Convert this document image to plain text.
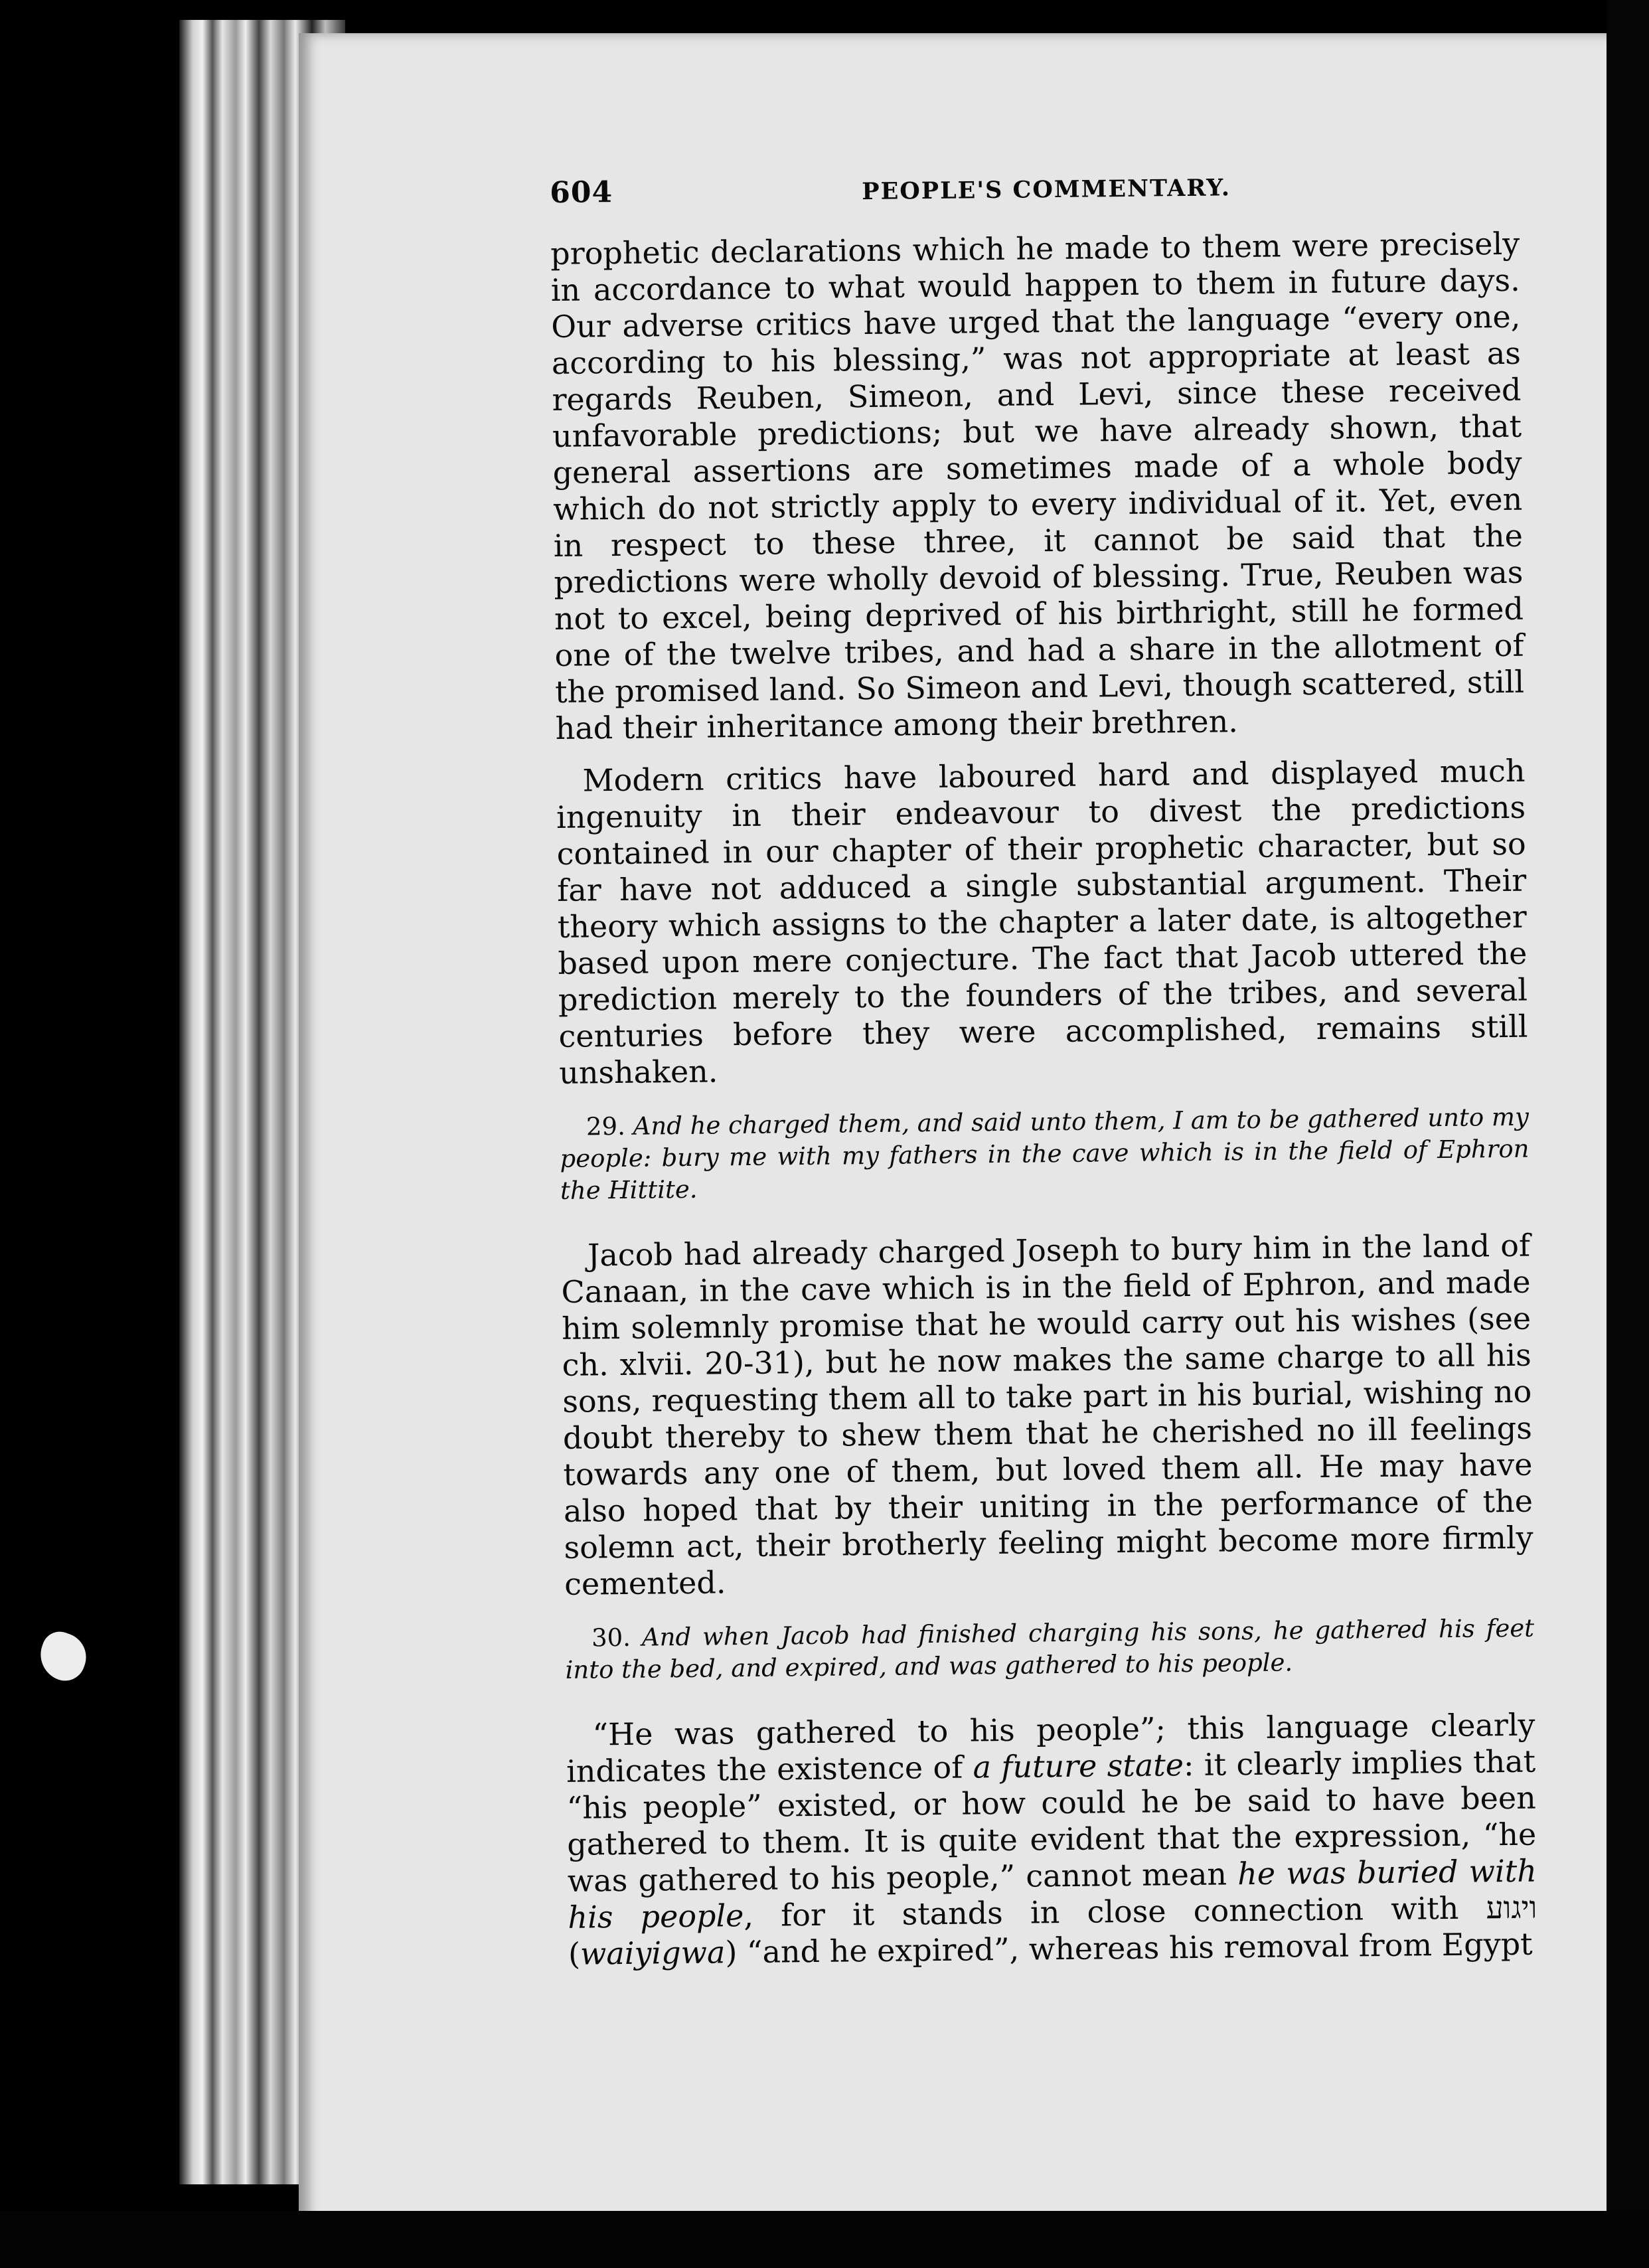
604	PEOPLE'S COMMENTARY.

prophetic declarations which he made to them were precisely in accordance to what would happen to them in future days. Our adverse critics have urged that the language “every one, according to his blessing,” was not appropriate at least as regards Reuben, Simeon, and Levi, since these received unfavorable predictions; but we have already shown, that general assertions are sometimes made of a whole body which do not strictly apply to every individual of it. Yet, even in respect to these three, it cannot be said that the predictions were wholly devoid of blessing. True, Reuben was not to excel, being deprived of his birthright, still he formed one of the twelve tribes, and had a share in the allotment of the promised land. So Simeon and Levi, though scattered, still had their inheritance among their brethren.

Modern critics have laboured hard and displayed much ingenuity in their endeavour to divest the predictions contained in our chapter of their prophetic character, but so far have not adduced a single substantial argument. Their theory which assigns to the chapter a later date, is altogether based upon mere conjecture. The fact that Jacob uttered the prediction merely to the founders of the tribes, and several centuries before they were accomplished, remains still unshaken.

29. And he charged them, and said unto them, I am to be gathered unto my people: bury me with my fathers in the cave which is in the field of Ephron the Hittite.

Jacob had already charged Joseph to bury him in the land of Canaan, in the cave which is in the field of Ephron, and made him solemnly promise that he would carry out his wishes (see ch. xlvii. 20-31), but he now makes the same charge to all his sons, requesting them all to take part in his burial, wishing no doubt thereby to shew them that he cherished no ill feelings towards any one of them, but loved them all. He may have also hoped that by their uniting in the performance of the solemn act, their brotherly feeling might become more firmly cemented.

30. And when Jacob had finished charging his sons, he gathered his feet into the bed, and expired, and was gathered to his people.

“He was gathered to his people”; this language clearly indicates the existence of a future state: it clearly implies that “his people” existed, or how could he be said to have been gathered to them. It is quite evident that the expression, “he was gathered to his people,” cannot mean he was buried with his people, for it stands in close connection with ויגוע (waiyigwa) “and he expired”, whereas his removal from Egypt
